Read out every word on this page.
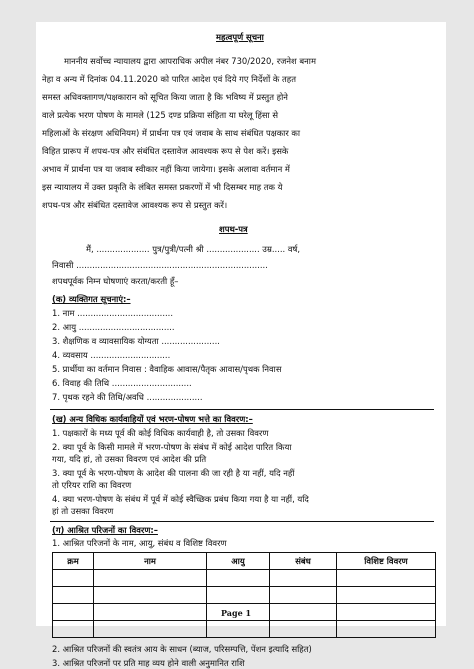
महत्वपूर्ण सूचना
माननीय सर्वोच्च न्यायालय द्वारा आपराधिक अपील नंबर 730/2020, रजनेश बनाम
नेहा व अन्य में दिनांक 04.11.2020 को पारित आदेश एवं दिये गए निर्देशों के तहत
समस्त अधिवक्तागण/पक्षकारान को सूचित किया जाता है कि भविष्य में प्रस्तुत होने
वाले प्रत्येक भरण पोषण के मामले (125 दण्ड प्रक्रिया संहिता या घरेलू हिंसा से
महिलाओं के संरक्षण अधिनियम) में प्रार्थना पत्र एवं जवाब के साथ संबंधित पक्षकार का
विहित प्रारूप में शपथ-पत्र और संबंधित दस्तावेज आवश्यक रूप से पेश करें। इसके
अभाव में प्रार्थना पत्र या जवाब स्वीकार नहीं किया जायेगा। इसके अलावा वर्तमान में
इस न्यायालय में उक्त प्रकृति के लंबित समस्त प्रकरणों में भी दिसम्बर माह तक ये
शपथ-पत्र और संबंधित दस्तावेज आवश्यक रूप से प्रस्तुत करें।
शपथ-पत्र
मैं, .................... पुत्र/पुत्री/पत्नी श्री .................... उम्र..... वर्ष,
निवासी ........................................................................
शपथपूर्वक निम्न घोषणाएं करता/करती हूँ–
(क) व्यक्तिगत सूचनाएं:–
1. नाम ....................................
2. आयु ....................................
3. शैक्षणिक व व्यावसायिक योग्यता ......................
4. व्यवसाय ..............................
5. प्रार्थीया का वर्तमान निवास : वैवाहिक आवास/पैतृक आवास/पृथक निवास
6. विवाह की तिथि ..............................
7. पृथक रहने की तिथि/अवधि .....................
(ख) अन्य विधिक कार्यवाहियों एवं भरण-पोषण भत्ते का विवरण:–
1. पक्षकारों के मध्य पूर्व की कोई विधिक कार्यवाही है, तो उसका विवरण
2. क्या पूर्व के किसी मामले में भरण-पोषण के संबंध में कोई आदेश पारित किया
गया, यदि हां, तो उसका विवरण एवं आदेश की प्रति
3. क्या पूर्व के भरण-पोषण के आदेश की पालना की जा रही है या नहीं, यदि नहीं
तो एरियर राशि का विवरण
4. क्या भरण-पोषण के संबंध में पूर्व में कोई स्वैच्छिक प्रबंध किया गया है या नहीं, यदि
हां तो उसका विवरण
(ग) आश्रित परिजनों का विवरण:–
1. आश्रित परिजनों के नाम, आयु, संबंध व विशिष्ट विवरण
क्रम	नाम	आयु	संबंध	विशिष्ट विवरण

2. आश्रित परिजनों की स्वतंत्र आय के साधन (ब्याज, परिसम्पत्ति, पेंशन इत्यादि सहित)
3. आश्रित परिजनों पर प्रति माह व्यय होने वाली अनुमानित राशि
Page 1
